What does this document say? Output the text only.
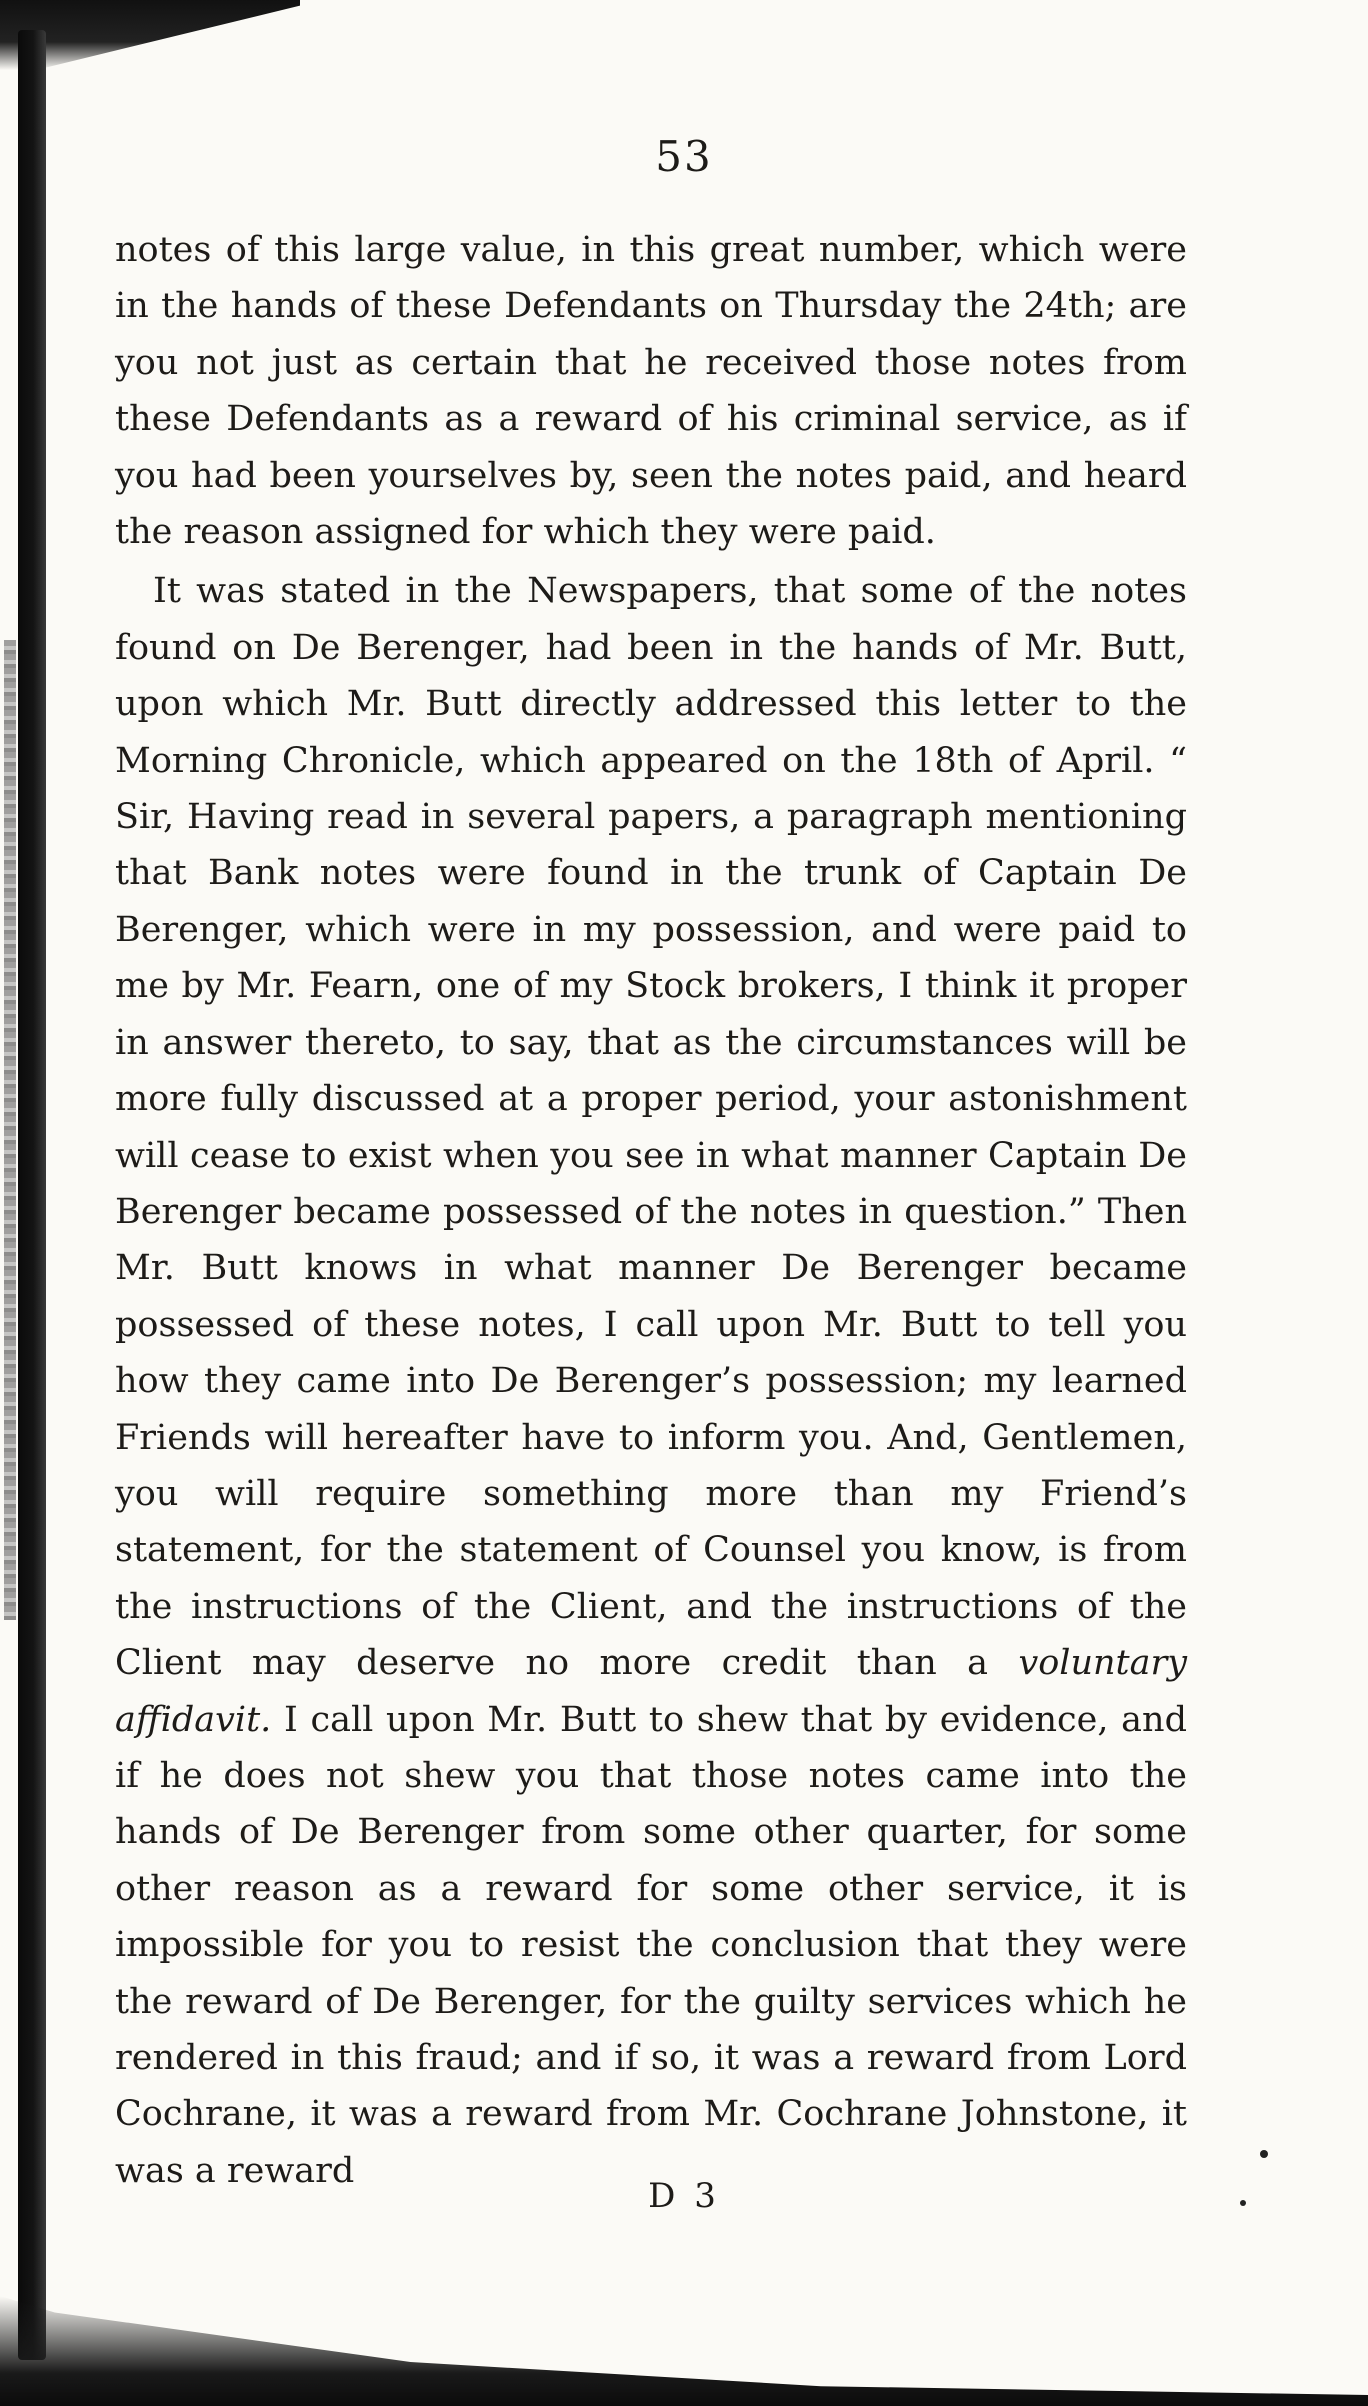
53

notes of this large value, in this great number, which were in the hands of these Defendants on Thursday the 24th; are you not just as certain that he received those notes from these Defendants as a reward of his criminal service, as if you had been yourselves by, seen the notes paid, and heard the reason assigned for which they were paid.

It was stated in the Newspapers, that some of the notes found on De Berenger, had been in the hands of Mr. Butt, upon which Mr. Butt directly addressed this letter to the Morning Chronicle, which appeared on the 18th of April. “ Sir, Having read in several papers, a paragraph mentioning that Bank notes were found in the trunk of Captain De Berenger, which were in my possession, and were paid to me by Mr. Fearn, one of my Stock brokers, I think it proper in answer thereto, to say, that as the circumstances will be more fully discussed at a proper period, your astonishment will cease to exist when you see in what manner Captain De Berenger became possessed of the notes in question.” Then Mr. Butt knows in what manner De Berenger became possessed of these notes, I call upon Mr. Butt to tell you how they came into De Berenger’s possession; my learned Friends will hereafter have to inform you. And, Gentlemen, you will require something more than my Friend’s statement, for the statement of Counsel you know, is from the instructions of the Client, and the instructions of the Client may deserve no more credit than a voluntary affidavit. I call upon Mr. Butt to shew that by evidence, and if he does not shew you that those notes came into the hands of De Berenger from some other quarter, for some other reason as a reward for some other service, it is impossible for you to resist the conclusion that they were the reward of De Berenger, for the guilty services which he rendered in this fraud; and if so, it was a reward from Lord Cochrane, it was a reward from Mr. Cochrane Johnstone, it was a reward

D 3
